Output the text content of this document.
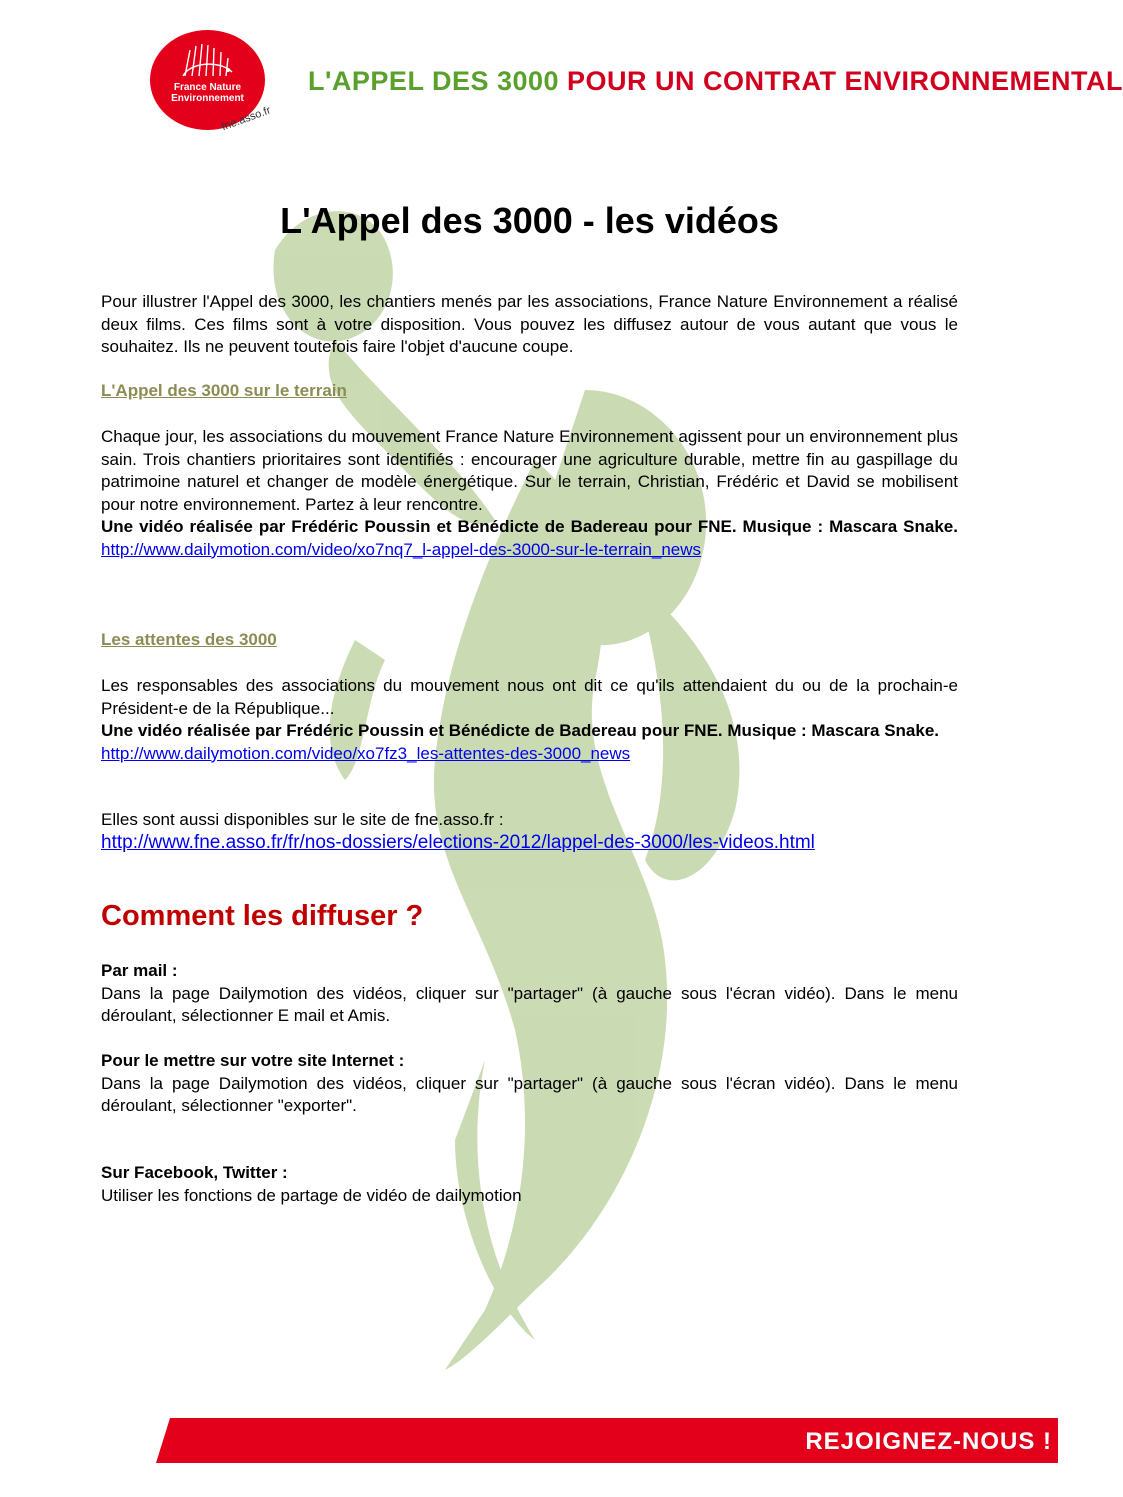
France Nature
Environnement
fne.asso.fr
L'APPEL DES 3000 POUR UN CONTRAT ENVIRONNEMENTAL
L'Appel des 3000 - les vidéos

Pour illustrer l'Appel des 3000, les chantiers menés par les associations, France Nature Environnement a réalisé deux films. Ces films sont à votre disposition. Vous pouvez les diffusez autour de vous autant que vous le souhaitez. Ils ne peuvent toutefois faire l'objet d'aucune coupe.

L'Appel des 3000 sur le terrain
Chaque jour, les associations du mouvement France Nature Environnement agissent pour un environnement plus sain. Trois chantiers prioritaires sont identifiés : encourager une agriculture durable, mettre fin au gaspillage du patrimoine naturel et changer de modèle énergétique. Sur le terrain, Christian, Frédéric et David se mobilisent pour notre environnement. Partez à leur rencontre.
Une vidéo réalisée par Frédéric Poussin et Bénédicte de Badereau pour FNE. Musique : Mascara Snake. http://www.dailymotion.com/video/xo7nq7_l-appel-des-3000-sur-le-terrain_news
Les attentes des 3000
Les responsables des associations du mouvement nous ont dit ce qu'ils attendaient du ou de la prochain-e Président-e de la République...
Une vidéo réalisée par Frédéric Poussin et Bénédicte de Badereau pour FNE. Musique : Mascara Snake.
http://www.dailymotion.com/video/xo7fz3_les-attentes-des-3000_news
Elles sont aussi disponibles sur le site de fne.asso.fr :
http://www.fne.asso.fr/fr/nos-dossiers/elections-2012/lappel-des-3000/les-videos.html
Comment les diffuser ?
Par mail :
Dans la page Dailymotion des vidéos, cliquer sur "partager" (à gauche sous l'écran vidéo). Dans le menu déroulant, sélectionner E mail et Amis.
Pour le mettre sur votre site Internet :
Dans la page Dailymotion des vidéos, cliquer sur "partager" (à gauche sous l'écran vidéo). Dans le menu déroulant, sélectionner "exporter".
Sur Facebook, Twitter :
Utiliser les fonctions de partage de vidéo de dailymotion
REJOIGNEZ-NOUS !
